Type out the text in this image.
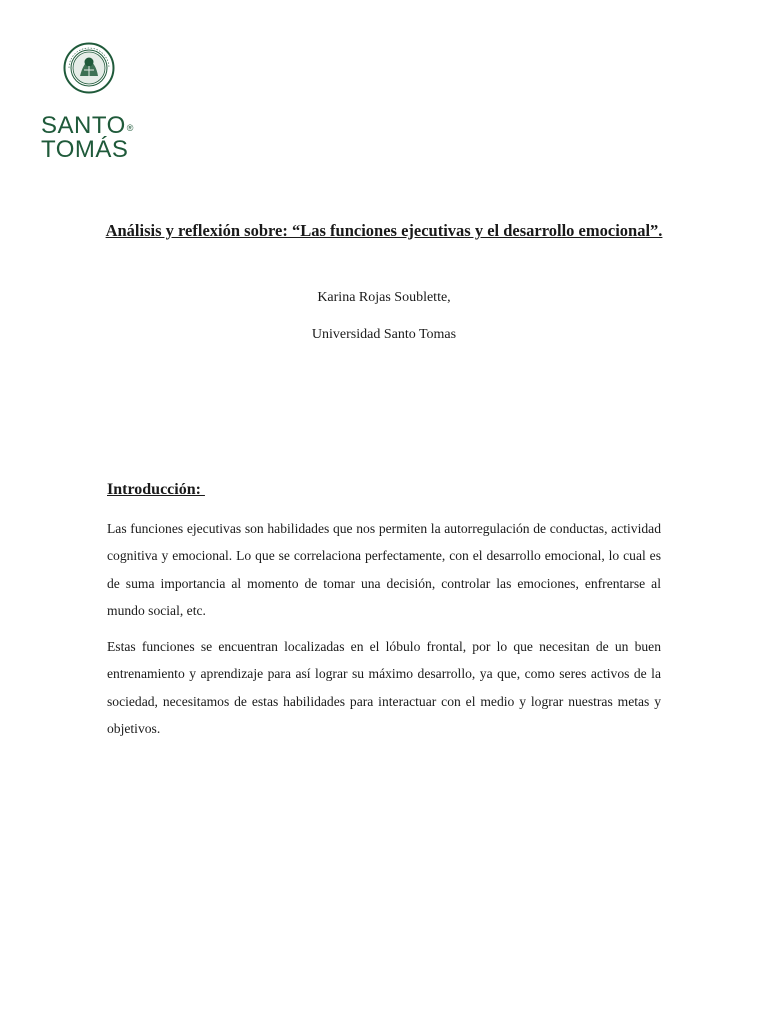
SANTO®
TOMÁS
Análisis y reflexión sobre: “Las funciones ejecutivas y el desarrollo emocional”.
Karina Rojas Soublette,
Universidad Santo Tomas
Introducción:

Las funciones ejecutivas son habilidades que nos permiten la autorregulación de conductas, actividad cognitiva y emocional. Lo que se correlaciona perfectamente, con el desarrollo emocional, lo cual es de suma importancia al momento de tomar una decisión, controlar las emociones, enfrentarse al mundo social, etc.

Estas funciones se encuentran localizadas en el lóbulo frontal, por lo que necesitan de un buen entrenamiento y aprendizaje para así lograr su máximo desarrollo, ya que, como seres activos de la sociedad, necesitamos de estas habilidades para interactuar con el medio y lograr nuestras metas y objetivos.
